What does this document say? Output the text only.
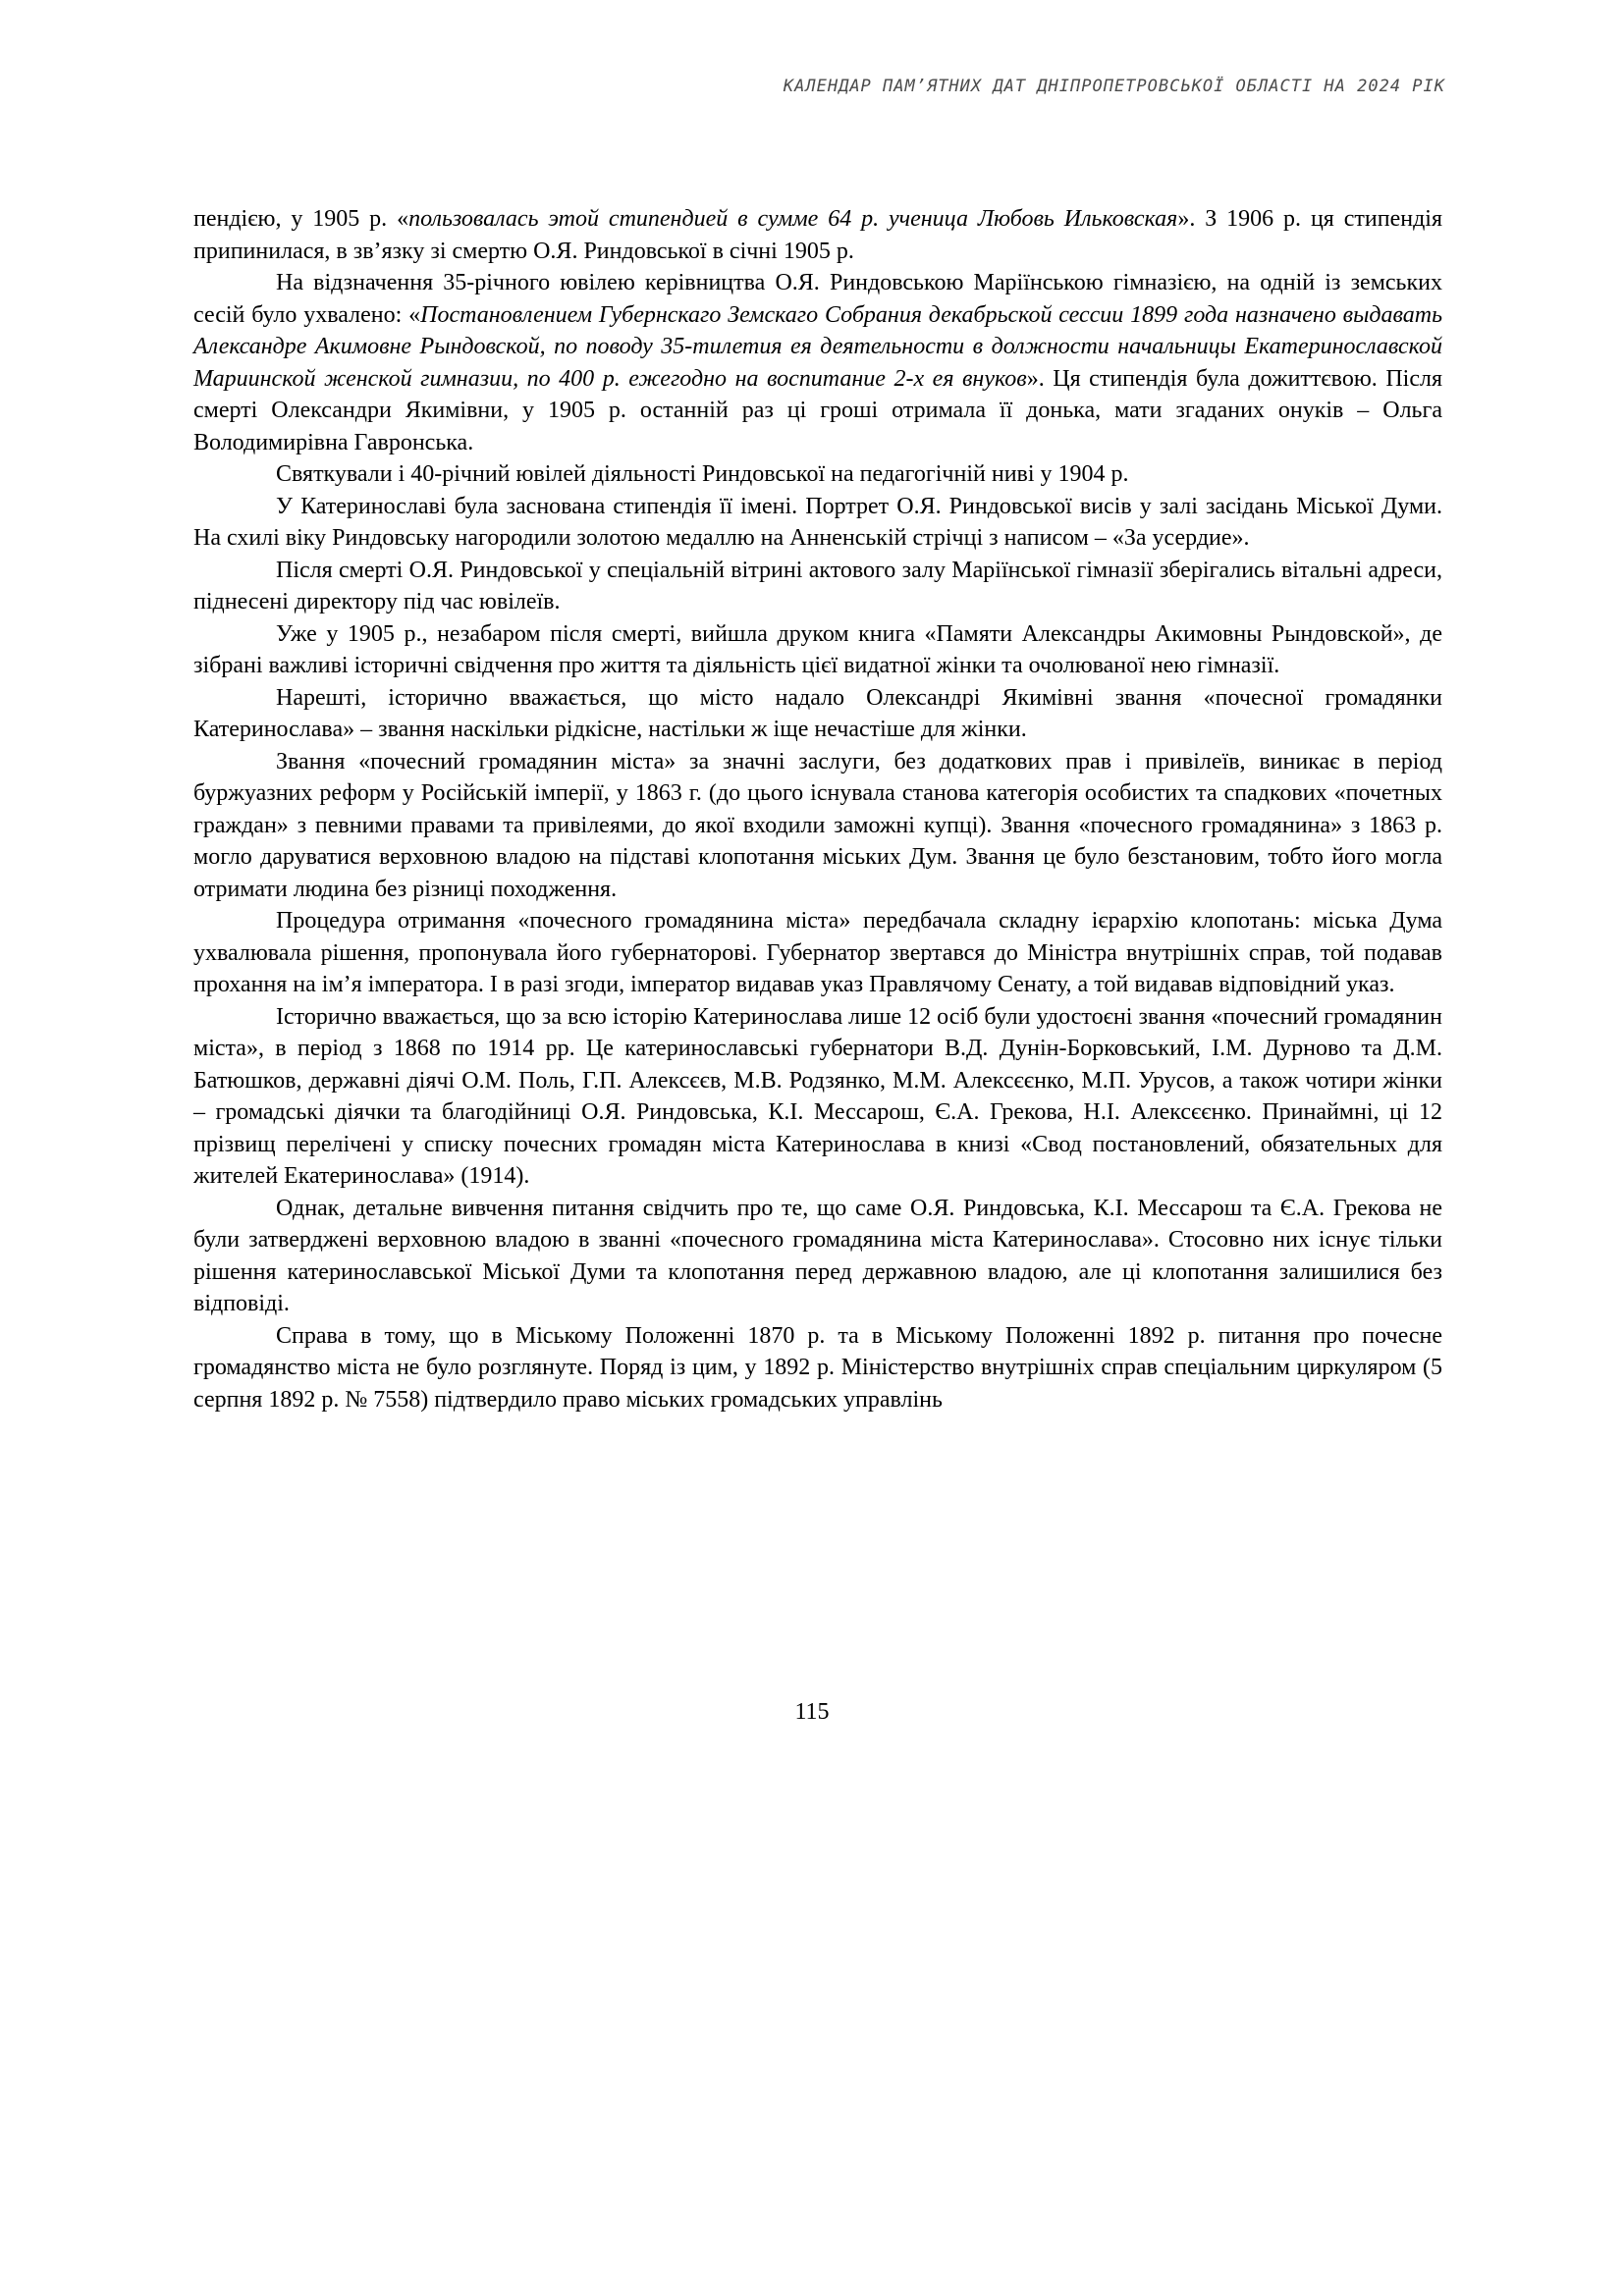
КАЛЕНДАР ПАМ’ЯТНИХ ДАТ ДНІПРОПЕТРОВСЬКОЇ ОБЛАСТІ НА 2024 РІК

пендією, у 1905 р. «пользовалась этой стипендией в сумме 64 р. ученица Любовь Ильковская». З 1906 р. ця стипендія припинилася, в зв’язку зі смертю О.Я. Риндовської в січні 1905 р.

На відзначення 35-річного ювілею керівництва О.Я. Риндовською Маріїнською гімназією, на одній із земських сесій було ухвалено: «Постановлением Губернскаго Земскаго Собрания декабрьской сессии 1899 года назначено выдавать Александре Акимовне Рындовской, по поводу 35-тилетия ея деятельности в должности начальницы Екатеринославской Мариинской женской гимназии, по 400 р. ежегодно на воспитание 2-х ея внуков». Ця стипендія була дожиттєвою. Після смерті Олександри Якимівни, у 1905 р. останній раз ці гроші отримала її донька, мати згаданих онуків – Ольга Володимирівна Гавронська.

Святкували і 40-річний ювілей діяльності Риндовської на педагогічній ниві у 1904 р.

У Катеринославі була заснована стипендія її імені. Портрет О.Я. Риндовської висів у залі засідань Міської Думи. На схилі віку Риндовську нагородили золотою медаллю на Анненській стрічці з написом – «За усердие».

Після смерті О.Я. Риндовської у спеціальній вітрині актового залу Маріїнської гімназії зберігались вітальні адреси, піднесені директору під час ювілеїв.

Уже у 1905 р., незабаром після смерті, вийшла друком книга «Памяти Александры Акимовны Рындовской», де зібрані важливі історичні свідчення про життя та діяльність цієї видатної жінки та очолюваної нею гімназії.

Нарешті, історично вважається, що місто надало Олександрі Якимівні звання «почесної громадянки Катеринослава» – звання наскільки рідкісне, настільки ж іще нечастіше для жінки.

Звання «почесний громадянин міста» за значні заслуги, без додаткових прав і привілеїв, виникає в період буржуазних реформ у Російській імперії, у 1863 г. (до цього існувала станова категорія особистих та спадкових «почетных граждан» з певними правами та привілеями, до якої входили заможні купці). Звання «почесного громадянина» з 1863 р. могло даруватися верховною владою на підставі клопотання міських Дум. Звання це було безстановим, тобто його могла отримати людина без різниці походження.

Процедура отримання «почесного громадянина міста» передбачала складну ієрархію клопотань: міська Дума ухвалювала рішення, пропонувала його губернаторові. Губернатор звертався до Міністра внутрішніх справ, той подавав прохання на ім’я імператора. І в разі згоди, імператор видавав указ Правлячому Сенату, а той видавав відповідний указ.

Історично вважається, що за всю історію Катеринослава лише 12 осіб були удостоєні звання «почесний громадянин міста», в період з 1868 по 1914 рр. Це катеринославські губернатори В.Д. Дунін-Борковський, І.М. Дурново та Д.М. Батюшков, державні діячі О.М. Поль, Г.П. Алексєєв, М.В. Родзянко, М.М. Алексєєнко, М.П. Урусов, а також чотири жінки – громадські діячки та благодійниці О.Я. Риндовська, К.І. Мессарош, Є.А. Грекова, Н.І. Алексєєнко. Принаймні, ці 12 прізвищ перелічені у списку почесних громадян міста Катеринослава в книзі «Свод постановлений, обязательных для жителей Екатеринослава» (1914).

Однак, детальне вивчення питання свідчить про те, що саме О.Я. Риндовська, К.І. Мессарош та Є.А. Грекова не були затверджені верховною владою в званні «почесного громадянина міста Катеринослава». Стосовно них існує тільки рішення катеринославської Міської Думи та клопотання перед державною владою, але ці клопотання залишилися без відповіді.

Справа в тому, що в Міському Положенні 1870 р. та в Міському Положенні 1892 р. питання про почесне громадянство міста не було розглянуте. Поряд із цим, у 1892 р. Міністерство внутрішніх справ спеціальним циркуляром (5 серпня 1892 р. № 7558) підтвердило право міських громадських управлінь

115
